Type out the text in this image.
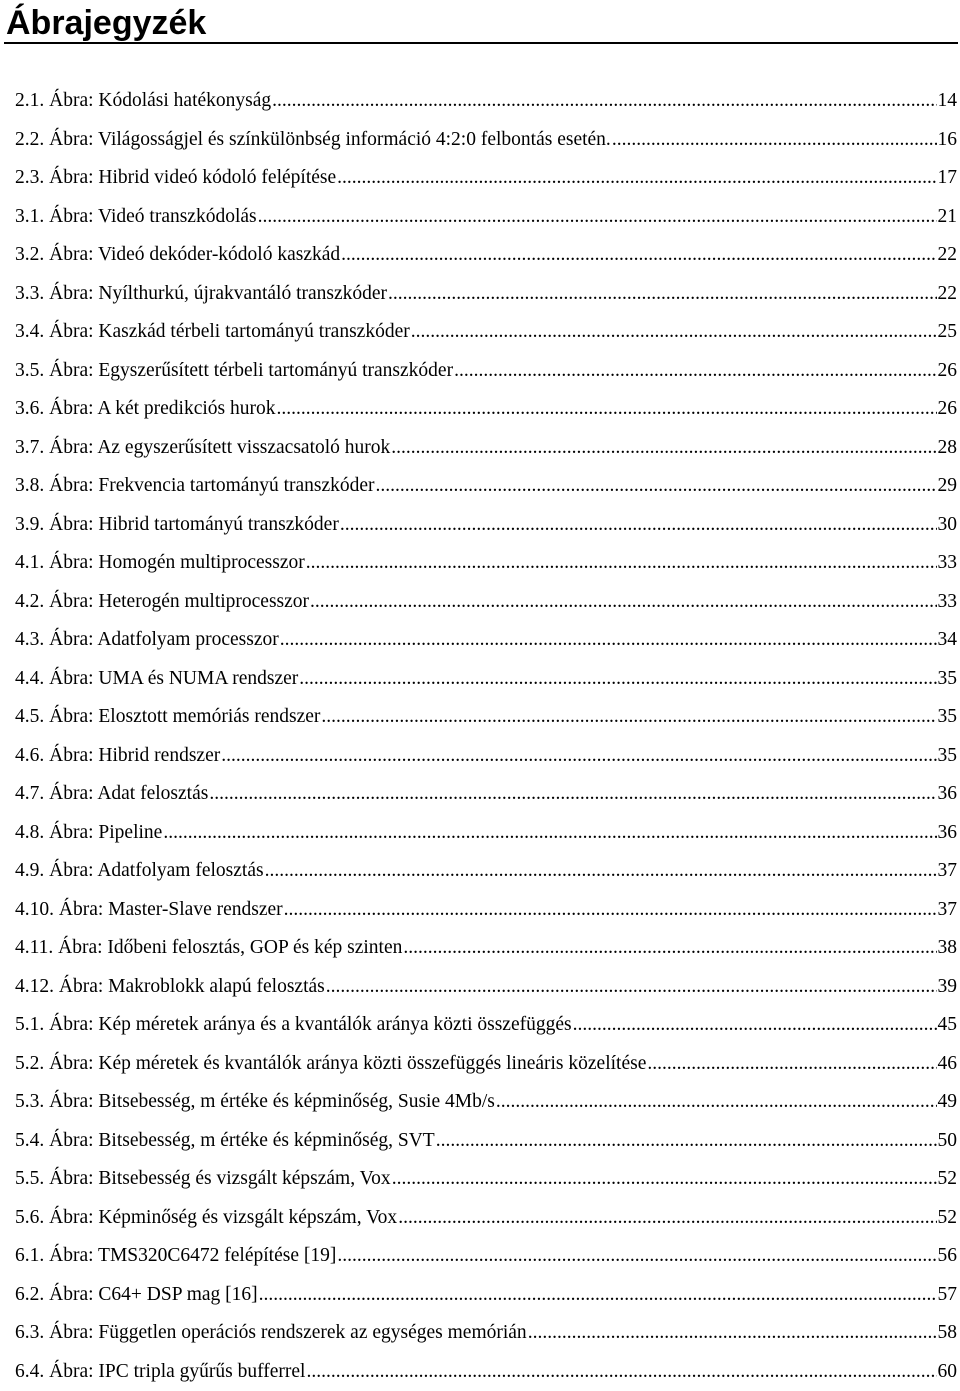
Ábrajegyzék
2.1. Ábra: Kódolási hatékonyság .....	14
2.2. Ábra: Világosságjel és színkülönbség információ 4:2:0 felbontás esetén. .....	16
2.3. Ábra: Hibrid videó kódoló felépítése .....	17
3.1. Ábra: Videó transzkódolás .....	21
3.2. Ábra: Videó dekóder-kódoló kaszkád .....	22
3.3. Ábra: Nyílthurkú, újrakvantáló transzkóder .....	22
3.4. Ábra: Kaszkád térbeli tartományú transzkóder .....	25
3.5. Ábra: Egyszerűsített térbeli tartományú transzkóder .....	26
3.6. Ábra: A két predikciós hurok .....	26
3.7. Ábra: Az egyszerűsített visszacsatoló hurok .....	28
3.8. Ábra: Frekvencia tartományú transzkóder .....	29
3.9. Ábra: Hibrid tartományú transzkóder .....	30
4.1. Ábra: Homogén multiprocesszor .....	33
4.2. Ábra: Heterogén multiprocesszor .....	33
4.3. Ábra: Adatfolyam processzor .....	34
4.4. Ábra: UMA és NUMA rendszer .....	35
4.5. Ábra: Elosztott memóriás rendszer .....	35
4.6. Ábra: Hibrid rendszer .....	35
4.7. Ábra: Adat felosztás .....	36
4.8. Ábra: Pipeline .....	36
4.9. Ábra: Adatfolyam felosztás .....	37
4.10. Ábra: Master-Slave rendszer .....	37
4.11. Ábra: Időbeni felosztás, GOP és kép szinten .....	38
4.12. Ábra: Makroblokk alapú felosztás .....	39
5.1. Ábra: Kép méretek aránya és a kvantálók aránya közti összefüggés .....	45
5.2. Ábra: Kép méretek és kvantálók aránya közti összefüggés lineáris közelítése .....	46
5.3. Ábra: Bitsebesség, m értéke és képminőség, Susie 4Mb/s .....	49
5.4. Ábra: Bitsebesség, m értéke és képminőség, SVT .....	50
5.5. Ábra: Bitsebesség és vizsgált képszám, Vox .....	52
5.6. Ábra: Képminőség és vizsgált képszám, Vox .....	52
6.1. Ábra: TMS320C6472 felépítése [19] .....	56
6.2. Ábra: C64+ DSP mag [16] .....	57
6.3. Ábra: Független operációs rendszerek az egységes memórián .....	58
6.4. Ábra: IPC tripla gyűrűs bufferrel .....	60
